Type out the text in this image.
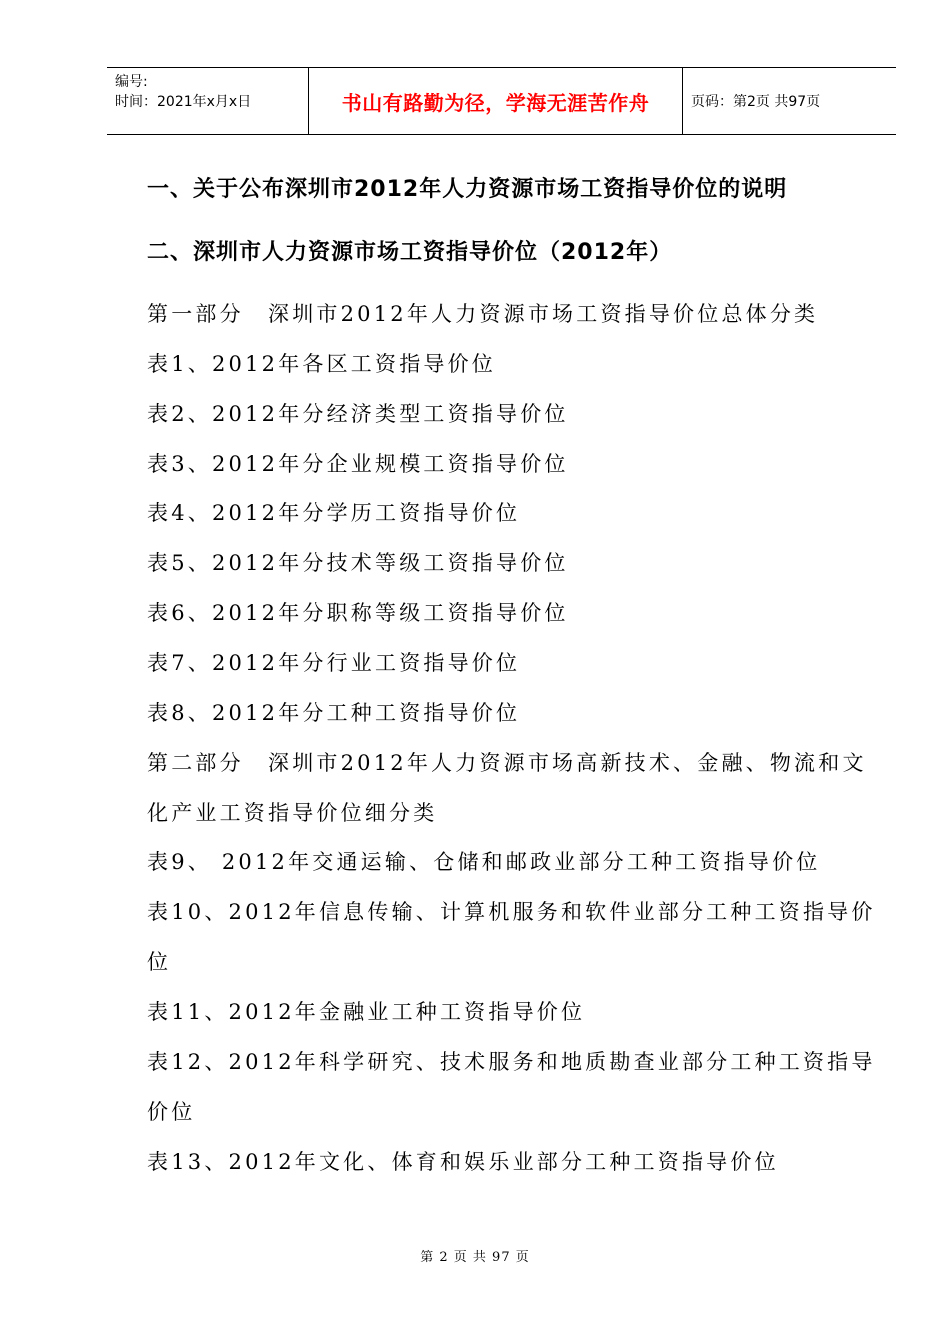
编号:
时间：2021年x月x日	书山有路勤为径，学海无涯苦作舟	页码：第2页 共97页
一、关于公布深圳市2012年人力资源市场工资指导价位的说明
二、深圳市人力资源市场工资指导价位（2012年）
第一部分　深圳市2012年人力资源市场工资指导价位总体分类
表1、2012年各区工资指导价位
表2、2012年分经济类型工资指导价位
表3、2012年分企业规模工资指导价位
表4、2012年分学历工资指导价位
表5、2012年分技术等级工资指导价位
表6、2012年分职称等级工资指导价位
表7、2012年分行业工资指导价位
表8、2012年分工种工资指导价位
第二部分　深圳市2012年人力资源市场高新技术、金融、物流和文
化产业工资指导价位细分类
表9、 2012年交通运输、仓储和邮政业部分工种工资指导价位
表10、2012年信息传输、计算机服务和软件业部分工种工资指导价
位
表11、2012年金融业工种工资指导价位
表12、2012年科学研究、技术服务和地质勘查业部分工种工资指导
价位
表13、2012年文化、体育和娱乐业部分工种工资指导价位
第 2 页 共 97 页
